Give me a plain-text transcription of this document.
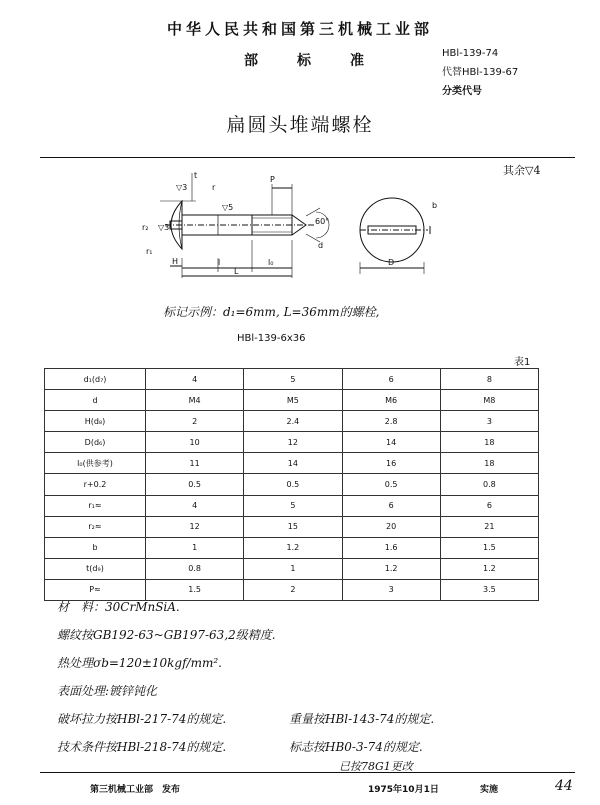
中华人民共和国第三机械工业部
部	标	准	HBl-139-74
代替HBl-139-67
分类代号
扁圆头堆端螺栓
其余▽4
t
r
▽3
▽5
r₂ ▽3
r₁
P
60°
H	l	l₀
L
D
b
d
标记示例：d₁=6mm, L=36mm的螺栓,
HBl-139-6x36
表1
d₁(d₇)	4	5	6	8
d	M4	M5	M6	M8
H(d₈)	2	2.4	2.8	3
D(d₆)	10	12	14	18
l₀(供参考)	11	14	16	18
r+0.2	0.5	0.5	0.5	0.8
r₁≈	4	5	6	6
r₂≈	12	15	20	21
b	1	1.2	1.6	1.5
t(d₉)	0.8	1	1.2	1.2
P≈	1.5	2	3	3.5
材　料：30CrMnSiA.
螺纹按GB192-63~GB197-63,2级精度.
热处理σb=120±10kgf/mm².
表面处理:镀锌钝化
破坏拉力按HBl-217-74的规定.	重量按HBl-143-74的规定.
技术条件按HBl-218-74的规定.	标志按HB0-3-74的规定.
已按78G1更改
第三机械工业部　发布	1975年10月1日	实施	44
